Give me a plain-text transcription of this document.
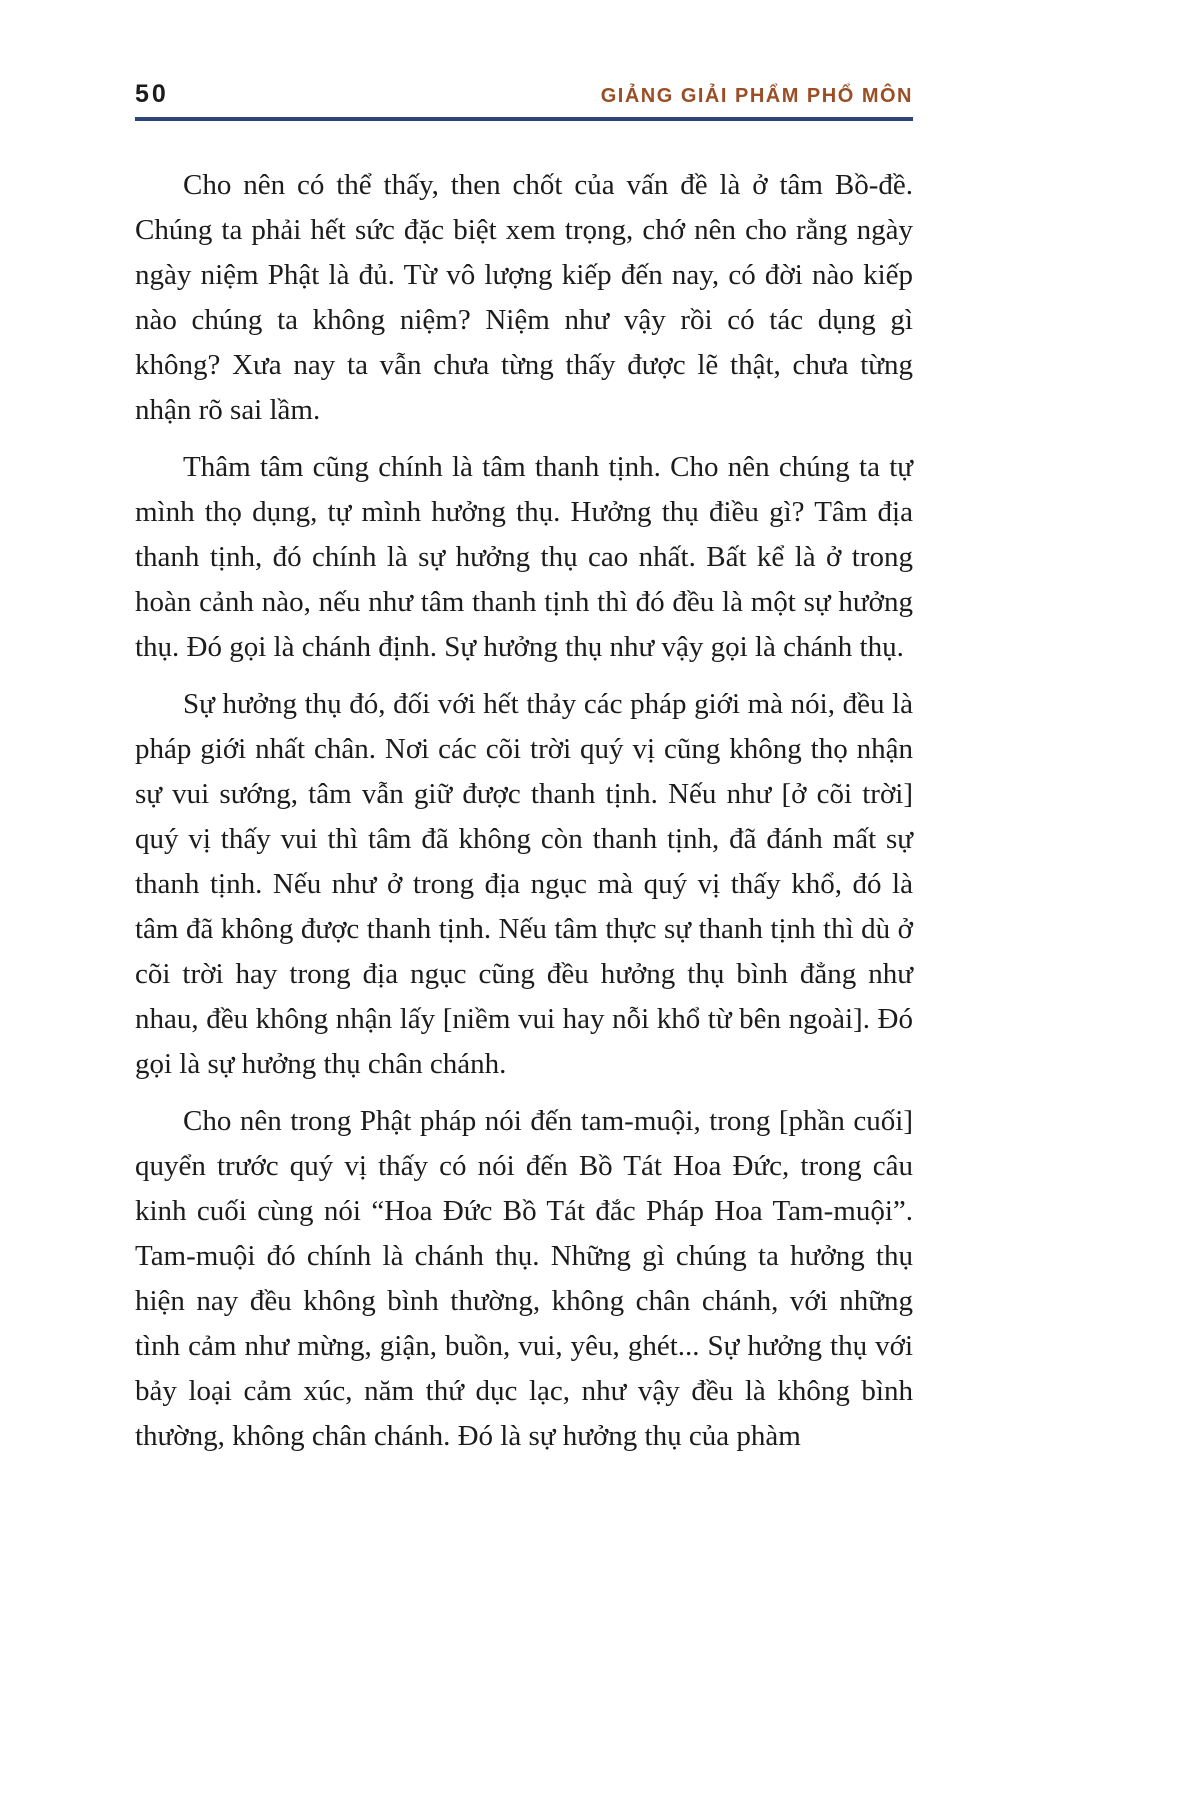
50	GIẢNG GIẢI PHẨM PHỔ MÔN

Cho nên có thể thấy, then chốt của vấn đề là ở tâm Bồ-đề. Chúng ta phải hết sức đặc biệt xem trọng, chớ nên cho rằng ngày ngày niệm Phật là đủ. Từ vô lượng kiếp đến nay, có đời nào kiếp nào chúng ta không niệm? Niệm như vậy rồi có tác dụng gì không? Xưa nay ta vẫn chưa từng thấy được lẽ thật, chưa từng nhận rõ sai lầm.

Thâm tâm cũng chính là tâm thanh tịnh. Cho nên chúng ta tự mình thọ dụng, tự mình hưởng thụ. Hưởng thụ điều gì? Tâm địa thanh tịnh, đó chính là sự hưởng thụ cao nhất. Bất kể là ở trong hoàn cảnh nào, nếu như tâm thanh tịnh thì đó đều là một sự hưởng thụ. Đó gọi là chánh định. Sự hưởng thụ như vậy gọi là chánh thụ.

Sự hưởng thụ đó, đối với hết thảy các pháp giới mà nói, đều là pháp giới nhất chân. Nơi các cõi trời quý vị cũng không thọ nhận sự vui sướng, tâm vẫn giữ được thanh tịnh. Nếu như [ở cõi trời] quý vị thấy vui thì tâm đã không còn thanh tịnh, đã đánh mất sự thanh tịnh. Nếu như ở trong địa ngục mà quý vị thấy khổ, đó là tâm đã không được thanh tịnh. Nếu tâm thực sự thanh tịnh thì dù ở cõi trời hay trong địa ngục cũng đều hưởng thụ bình đẳng như nhau, đều không nhận lấy [niềm vui hay nỗi khổ từ bên ngoài]. Đó gọi là sự hưởng thụ chân chánh.

Cho nên trong Phật pháp nói đến tam-muội, trong [phần cuối] quyển trước quý vị thấy có nói đến Bồ Tát Hoa Đức, trong câu kinh cuối cùng nói “Hoa Đức Bồ Tát đắc Pháp Hoa Tam-muội”. Tam-muội đó chính là chánh thụ. Những gì chúng ta hưởng thụ hiện nay đều không bình thường, không chân chánh, với những tình cảm như mừng, giận, buồn, vui, yêu, ghét... Sự hưởng thụ với bảy loại cảm xúc, năm thứ dục lạc, như vậy đều là không bình thường, không chân chánh. Đó là sự hưởng thụ của phàm
